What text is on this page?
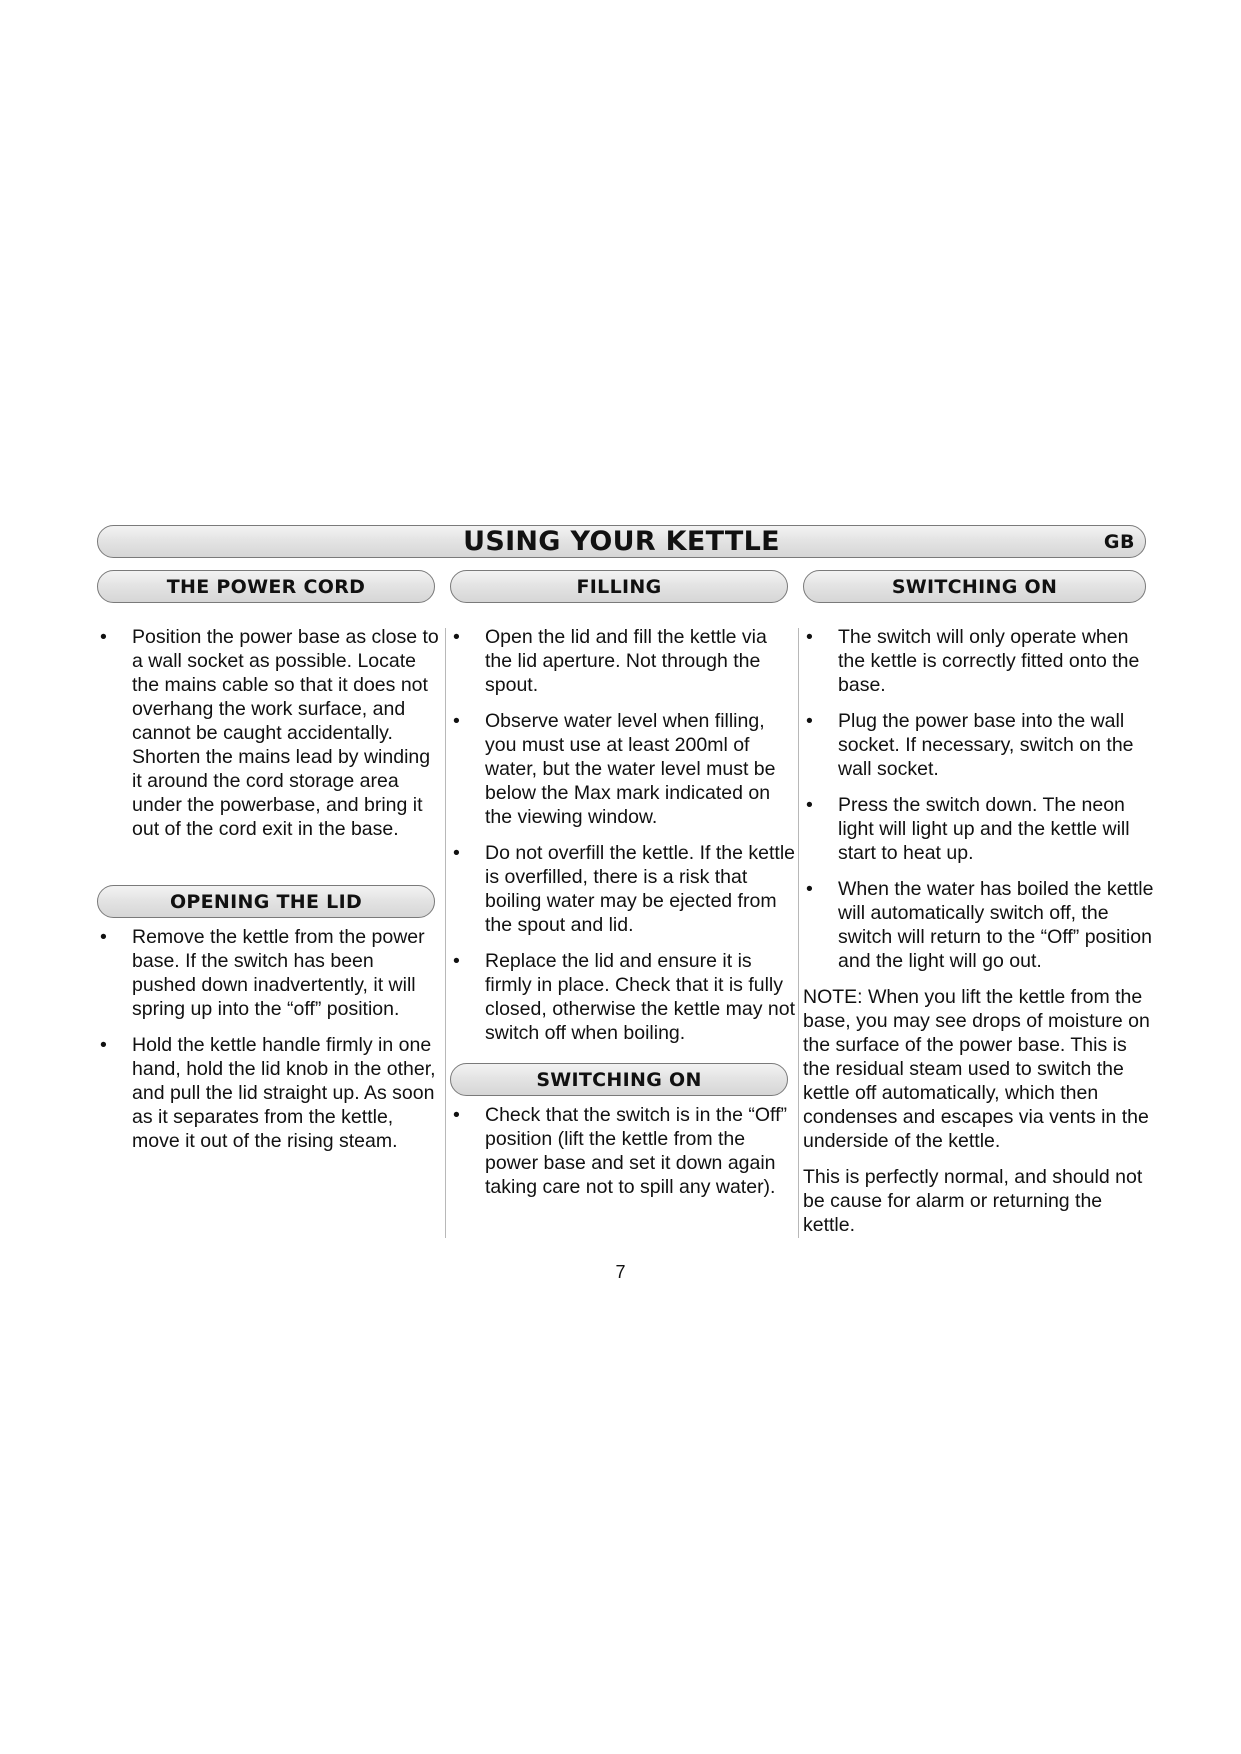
USING YOUR KETTLE	GB
THE POWER CORD	FILLING	SWITCHING ON
• Position the power base as close to a wall socket as possible. Locate the mains cable so that it does not overhang the work surface, and cannot be caught accidentally. Shorten the mains lead by winding it around the cord storage area under the powerbase, and bring it out of the cord exit in the base.
OPENING THE LID
• Remove the kettle from the power base. If the switch has been pushed down inadvertently, it will spring up into the “off” position.
• Hold the kettle handle firmly in one hand, hold the lid knob in the other, and pull the lid straight up. As soon as it separates from the kettle, move it out of the rising steam.
• Open the lid and fill the kettle via the lid aperture. Not through the spout.
• Observe water level when filling, you must use at least 200ml of water, but the water level must be below the Max mark indicated on the viewing window.
• Do not overfill the kettle. If the kettle is overfilled, there is a risk that boiling water may be ejected from the spout and lid.
• Replace the lid and ensure it is firmly in place. Check that it is fully closed, otherwise the kettle may not switch off when boiling.
SWITCHING ON
• Check that the switch is in the “Off” position (lift the kettle from the power base and set it down again taking care not to spill any water).
• The switch will only operate when the kettle is correctly fitted onto the base.
• Plug the power base into the wall socket. If necessary, switch on the wall socket.
• Press the switch down. The neon light will light up and the kettle will start to heat up.
• When the water has boiled the kettle will automatically switch off, the switch will return to the “Off” position and the light will go out.

NOTE: When you lift the kettle from the base, you may see drops of moisture on the surface of the power base. This is the residual steam used to switch the kettle off automatically, which then condenses and escapes via vents in the underside of the kettle.

This is perfectly normal, and should not be cause for alarm or returning the kettle.

7
